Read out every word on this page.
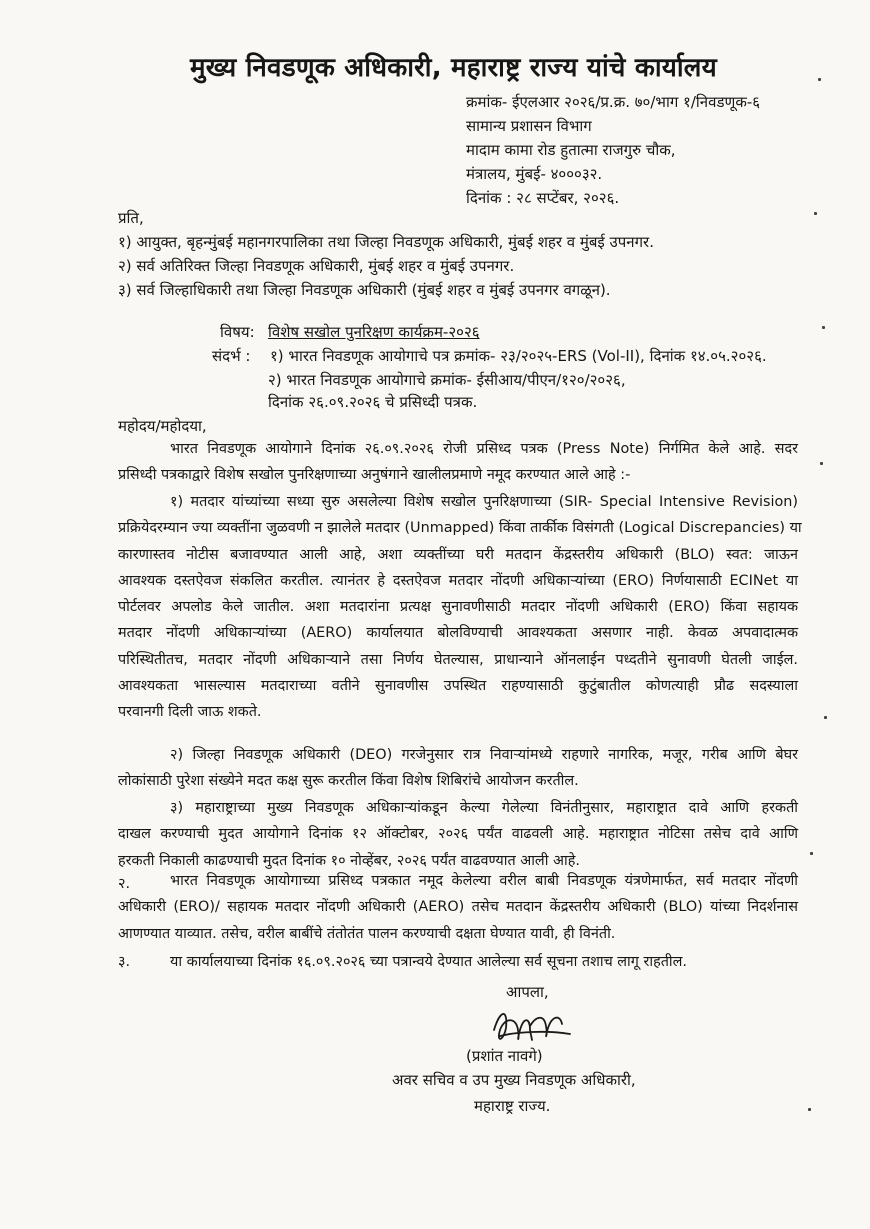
मुख्य निवडणूक अधिकारी, महाराष्ट्र राज्य यांचे कार्यालय
क्रमांक- ईएलआर २०२६/प्र.क्र. ७०/भाग १/निवडणूक-६
सामान्य प्रशासन विभाग
मादाम कामा रोड हुतात्मा राजगुरु चौक,
मंत्रालय, मुंबई- ४०००३२.
दिनांक : २८ सप्टेंबर, २०२६.
प्रति,
१) आयुक्त, बृहन्मुंबई महानगरपालिका तथा जिल्हा निवडणूक अधिकारी, मुंबई शहर व मुंबई उपनगर.
२) सर्व अतिरिक्त जिल्हा निवडणूक अधिकारी, मुंबई शहर व मुंबई उपनगर.
३) सर्व जिल्हाधिकारी तथा जिल्हा निवडणूक अधिकारी (मुंबई शहर व मुंबई उपनगर वगळून).
विषय: विशेष सखोल पुनरिक्षण कार्यक्रम-२०२६
संदर्भ : १) भारत निवडणूक आयोगाचे पत्र क्रमांक- २३/२०२५-ERS (Vol-II), दिनांक १४.०५.२०२६.
२) भारत निवडणूक आयोगाचे क्रमांक- ईसीआय/पीएन/१२०/२०२६,
दिनांक २६.०९.२०२६ चे प्रसिध्दी पत्रक.
महोदय/महोदया,
भारत निवडणूक आयोगाने दिनांक २६.०९.२०२६ रोजी प्रसिध्द पत्रक (Press Note) निर्गमित केले आहे. सदर
प्रसिध्दी पत्रकाद्वारे विशेष सखोल पुनरिक्षणाच्या अनुषंगाने खालीलप्रमाणे नमूद करण्यात आले आहे :-
१) मतदार यांच्यांच्या सध्या सुरु असलेल्या विशेष सखोल पुनरिक्षणाच्या (SIR- Special Intensive Revision)
प्रक्रियेदरम्यान ज्या व्यक्तींना जुळवणी न झालेले मतदार (Unmapped) किंवा तार्कीक विसंगती (Logical Discrepancies) या
कारणास्तव नोटीस बजावण्यात आली आहे, अशा व्यक्तींच्या घरी मतदान केंद्रस्तरीय अधिकारी (BLO) स्वत: जाऊन
आवश्यक दस्तऐवज संकलित करतील. त्यानंतर हे दस्तऐवज मतदार नोंदणी अधिकाऱ्यांच्या (ERO) निर्णयासाठी ECINet या
पोर्टलवर अपलोड केले जातील. अशा मतदारांना प्रत्यक्ष सुनावणीसाठी मतदार नोंदणी अधिकारी (ERO) किंवा सहायक
मतदार नोंदणी अधिकाऱ्यांच्या (AERO) कार्यालयात बोलविण्याची आवश्यकता असणार नाही. केवळ अपवादात्मक
परिस्थितीतच, मतदार नोंदणी अधिकाऱ्याने तसा निर्णय घेतल्यास, प्राधान्याने ऑनलाईन पध्दतीने सुनावणी घेतली जाईल.
आवश्यकता भासल्यास मतदाराच्या वतीने सुनावणीस उपस्थित राहण्यासाठी कुटुंबातील कोणत्याही प्रौढ सदस्याला
परवानगी दिली जाऊ शकते.
२) जिल्हा निवडणूक अधिकारी (DEO) गरजेनुसार रात्र निवाऱ्यांमध्ये राहणारे नागरिक, मजूर, गरीब आणि बेघर
लोकांसाठी पुरेशा संख्येने मदत कक्ष सुरू करतील किंवा विशेष शिबिरांचे आयोजन करतील.
३) महाराष्ट्राच्या मुख्य निवडणूक अधिकाऱ्यांकडून केल्या गेलेल्या विनंतीनुसार, महाराष्ट्रात दावे आणि हरकती
दाखल करण्याची मुदत आयोगाने दिनांक १२ ऑक्टोबर, २०२६ पर्यंत वाढवली आहे. महाराष्ट्रात नोटिसा तसेच दावे आणि
हरकती निकाली काढण्याची मुदत दिनांक १० नोव्हेंबर, २०२६ पर्यंत वाढवण्यात आली आहे.
२.	भारत निवडणूक आयोगाच्या प्रसिध्द पत्रकात नमूद केलेल्या वरील बाबी निवडणूक यंत्रणेमार्फत, सर्व मतदार नोंदणी
अधिकारी (ERO)/ सहायक मतदार नोंदणी अधिकारी (AERO) तसेच मतदान केंद्रस्तरीय अधिकारी (BLO) यांच्या निदर्शनास
आणण्यात याव्यात. तसेच, वरील बाबींचे तंतोतंत पालन करण्याची दक्षता घेण्यात यावी, ही विनंती.
३.	या कार्यालयाच्या दिनांक १६.०९.२०२६ च्या पत्रान्वये देण्यात आलेल्या सर्व सूचना तशाच लागू राहतील.
आपला,
(प्रशांत नावगे)
अवर सचिव व उप मुख्य निवडणूक अधिकारी,
महाराष्ट्र राज्य.
